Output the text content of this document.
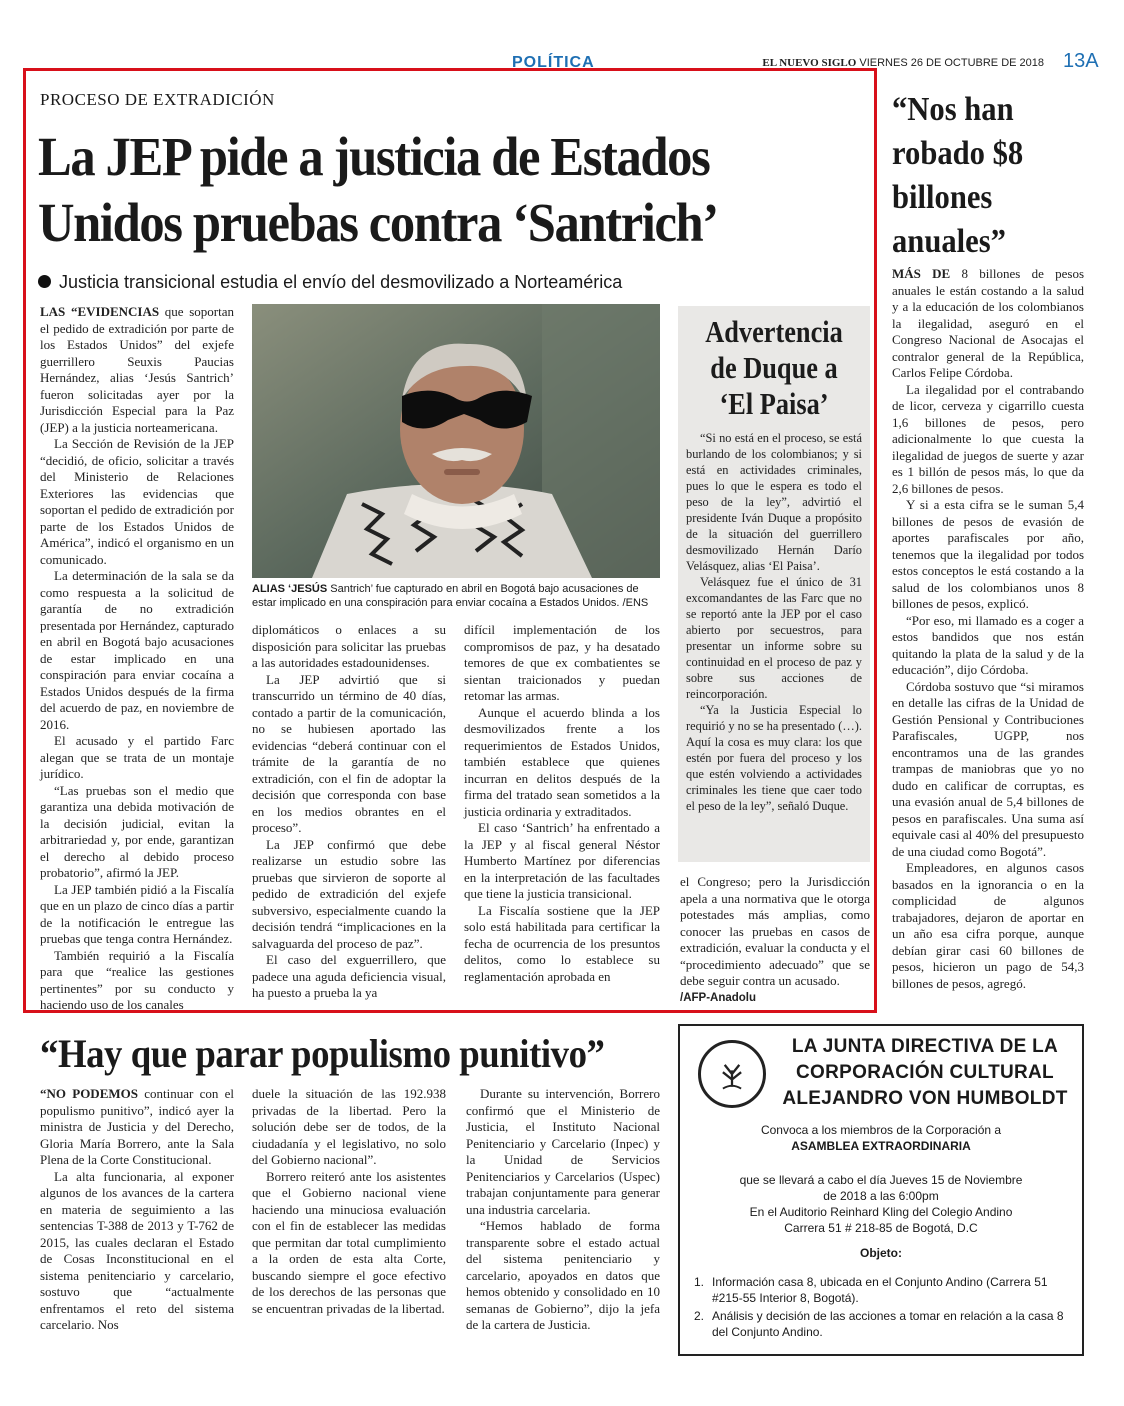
POLÍTICA	EL NUEVO SIGLO VIERNES 26 DE OCTUBRE DE 2018 13A
PROCESO DE EXTRADICIÓN
La JEP pide a justicia de Estados Unidos pruebas contra ‘Santrich’
Justicia transicional estudia el envío del desmovilizado a Norteamérica

LAS “EVIDENCIAS que soportan el pedido de extradición por parte de los Estados Unidos” del exjefe guerrillero Seuxis Paucias Hernández, alias ‘Jesús Santrich’ fueron solicitadas ayer por la Jurisdicción Especial para la Paz (JEP) a la justicia norteamericana.

La Sección de Revisión de la JEP “decidió, de oficio, solicitar a través del Ministerio de Relaciones Exteriores las evidencias que soportan el pedido de extradición por parte de los Estados Unidos de América”, indicó el organismo en un comunicado.

La determinación de la sala se da como respuesta a la solicitud de garantía de no extradición presentada por Hernández, capturado en abril en Bogotá bajo acusaciones de estar implicado en una conspiración para enviar cocaína a Estados Unidos después de la firma del acuerdo de paz, en noviembre de 2016.

El acusado y el partido Farc alegan que se trata de un montaje jurídico.

“Las pruebas son el medio que garantiza una debida motivación de la decisión judicial, evitan la arbitrariedad y, por ende, garantizan el derecho al debido proceso probatorio”, afirmó la JEP.

La JEP también pidió a la Fiscalía que en un plazo de cinco días a partir de la notificación le entregue las pruebas que tenga contra Hernández.

También requirió a la Fiscalía para que “realice las gestiones pertinentes” por su conducto y haciendo uso de los canales

ALIAS ‘JESÚS Santrich’ fue capturado en abril en Bogotá bajo acusaciones de estar implicado en una conspiración para enviar cocaína a Estados Unidos. /ENS

diplomáticos o enlaces a su disposición para solicitar las pruebas a las autoridades estadounidenses.

La JEP advirtió que si transcurrido un término de 40 días, contado a partir de la comunicación, no se hubiesen aportado las evidencias “deberá continuar con el trámite de la garantía de no extradición, con el fin de adoptar la decisión que corresponda con base en los medios obrantes en el proceso”.

La JEP confirmó que debe realizarse un estudio sobre las pruebas que sirvieron de soporte al pedido de extradición del exjefe subversivo, especialmente cuando la decisión tendrá “implicaciones en la salvaguarda del proceso de paz”.

El caso del exguerrillero, que padece una aguda deficiencia visual, ha puesto a prueba la ya

difícil implementación de los compromisos de paz, y ha desatado temores de que ex combatientes se sientan traicionados y puedan retomar las armas.

Aunque el acuerdo blinda a los desmovilizados frente a los requerimientos de Estados Unidos, también establece que quienes incurran en delitos después de la firma del tratado sean sometidos a la justicia ordinaria y extraditados.

El caso ‘Santrich’ ha enfrentado a la JEP y al fiscal general Néstor Humberto Martínez por diferencias en la interpretación de las facultades que tiene la justicia transicional.

La Fiscalía sostiene que la JEP solo está habilitada para certificar la fecha de ocurrencia de los presuntos delitos, como lo establece su reglamentación aprobada en

Advertencia de Duque a ‘El Paisa’

“Si no está en el proceso, se está burlando de los colombianos; y si está en actividades criminales, pues lo que le espera es todo el peso de la ley”, advirtió el presidente Iván Duque a propósito de la situación del guerrillero desmovilizado Hernán Darío Velásquez, alias ‘El Paisa’.

Velásquez fue el único de 31 excomandantes de las Farc que no se reportó ante la JEP por el caso abierto por secuestros, para presentar un informe sobre su continuidad en el proceso de paz y sobre sus acciones de reincorporación.

“Ya la Justicia Especial lo requirió y no se ha presentado (…). Aquí la cosa es muy clara: los que estén por fuera del proceso y los que estén volviendo a actividades criminales les tiene que caer todo el peso de la ley”, señaló Duque.

el Congreso; pero la Jurisdicción apela a una normativa que le otorga potestades más amplias, como conocer las pruebas en casos de extradición, evaluar la conducta y el “procedimiento adecuado” que se debe seguir contra un acusado.

/AFP-Anadolu
“Nos han robado $8 billones anuales”

MÁS DE 8 billones de pesos anuales le están costando a la salud y a la educación de los colombianos la ilegalidad, aseguró en el Congreso Nacional de Asocajas el contralor general de la República, Carlos Felipe Córdoba.

La ilegalidad por el contrabando de licor, cerveza y cigarrillo cuesta 1,6 billones de pesos, pero adicionalmente lo que cuesta la ilegalidad de juegos de suerte y azar es 1 billón de pesos más, lo que da 2,6 billones de pesos.

Y si a esta cifra se le suman 5,4 billones de pesos de evasión de aportes parafiscales por año, tenemos que la ilegalidad por todos estos conceptos le está costando a la salud de los colombianos unos 8 billones de pesos, explicó.

“Por eso, mi llamado es a coger a estos bandidos que nos están quitando la plata de la salud y de la educación”, dijo Córdoba.

Córdoba sostuvo que “si miramos en detalle las cifras de la Unidad de Gestión Pensional y Contribuciones Parafiscales, UGPP, nos encontramos una de las grandes trampas de maniobras que yo no dudo en calificar de corruptas, es una evasión anual de 5,4 billones de pesos en parafiscales. Una suma así equivale casi al 40% del presupuesto de una ciudad como Bogotá”.

Empleadores, en algunos casos basados en la ignorancia o en la complicidad de algunos trabajadores, dejaron de aportar en un año esa cifra porque, aunque debían girar casi 60 billones de pesos, hicieron un pago de 54,3 billones de pesos, agregó.

“Hay que parar populismo punitivo”

“NO PODEMOS continuar con el populismo punitivo”, indicó ayer la ministra de Justicia y del Derecho, Gloria María Borrero, ante la Sala Plena de la Corte Constitucional.

La alta funcionaria, al exponer algunos de los avances de la cartera en materia de seguimiento a las sentencias T-388 de 2013 y T-762 de 2015, las cuales declaran el Estado de Cosas Inconstitucional en el sistema penitenciario y carcelario, sostuvo que “actualmente enfrentamos el reto del sistema carcelario. Nos

duele la situación de las 192.938 privadas de la libertad. Pero la solución debe ser de todos, de la ciudadanía y el legislativo, no solo del Gobierno nacional”.

Borrero reiteró ante los asistentes que el Gobierno nacional viene haciendo una minuciosa evaluación con el fin de establecer las medidas que permitan dar total cumplimiento a la orden de esta alta Corte, buscando siempre el goce efectivo de los derechos de las personas que se encuentran privadas de la libertad.

Durante su intervención, Borrero confirmó que el Ministerio de Justicia, el Instituto Nacional Penitenciario y Carcelario (Inpec) y la Unidad de Servicios Penitenciarios y Carcelarios (Uspec) trabajan conjuntamente para generar una industria carcelaria.

“Hemos hablado de forma transparente sobre el estado actual del sistema penitenciario y carcelario, apoyados en datos que hemos obtenido y consolidado en 10 semanas de Gobierno”, dijo la jefa de la cartera de Justicia.

LA JUNTA DIRECTIVA DE LA CORPORACIÓN CULTURAL ALEJANDRO VON HUMBOLDT
Convoca a los miembros de la Corporación a
ASAMBLEA EXTRAORDINARIA
que se llevará a cabo el día Jueves 15 de Noviembre
de 2018 a las 6:00pm
En el Auditorio Reinhard Kling del Colegio Andino
Carrera 51 # 218-85 de Bogotá, D.C
Objeto:
1. Información casa 8, ubicada en el Conjunto Andino (Carrera 51 #215-55 Interior 8, Bogotá).
2. Análisis y decisión de las acciones a tomar en relación a la casa 8 del Conjunto Andino.
